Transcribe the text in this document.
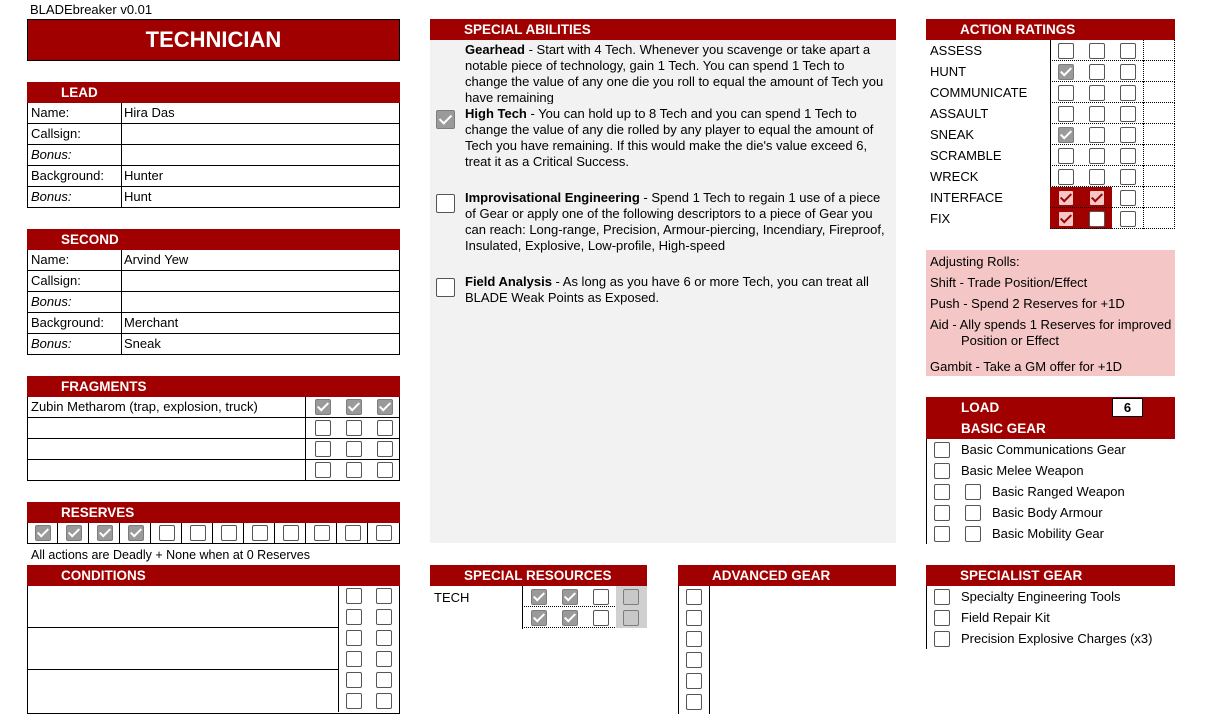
BLADEbreaker v0.01
TECHNICIAN
LEAD
Name:	Hira Das
Callsign:
Bonus:
Background:	Hunter
Bonus:	Hunt
SECOND
Name:	Arvind Yew
Callsign:
Bonus:
Background:	Merchant
Bonus:	Sneak
FRAGMENTS
Zubin Metharom (trap, explosion, truck)
RESERVES
All actions are Deadly + None when at 0 Reserves
CONDITIONS
SPECIAL ABILITIES
Gearhead - Start with 4 Tech. Whenever you scavenge or take apart a notable piece of technology, gain 1 Tech. You can spend 1 Tech to change the value of any one die you roll to equal the amount of Tech you have remaining
High Tech - You can hold up to 8 Tech and you can spend 1 Tech to change the value of any die rolled by any player to equal the amount of Tech you have remaining. If this would make the die's value exceed 6, treat it as a Critical Success.
Improvisational Engineering - Spend 1 Tech to regain 1 use of a piece of Gear or apply one of the following descriptors to a piece of Gear you can reach: Long-range, Precision, Armour-piercing, Incendiary, Fireproof, Insulated, Explosive, Low-profile, High-speed
Field Analysis - As long as you have 6 or more Tech, you can treat all BLADE Weak Points as Exposed.
SPECIAL RESOURCES
TECH
ADVANCED GEAR
ACTION RATINGS
ASSESS
HUNT
COMMUNICATE
ASSAULT
SNEAK
SCRAMBLE
WRECK
INTERFACE
FIX
Adjusting Rolls:
Shift - Trade Position/Effect
Push - Spend 2 Reserves for +1D
Aid - Ally spends 1 Reserves for improved
Position or Effect
Gambit - Take a GM offer for +1D
LOAD	6
BASIC GEAR
Basic Communications Gear
Basic Melee Weapon
Basic Ranged Weapon
Basic Body Armour
Basic Mobility Gear
SPECIALIST GEAR
Specialty Engineering Tools
Field Repair Kit
Precision Explosive Charges (x3)
